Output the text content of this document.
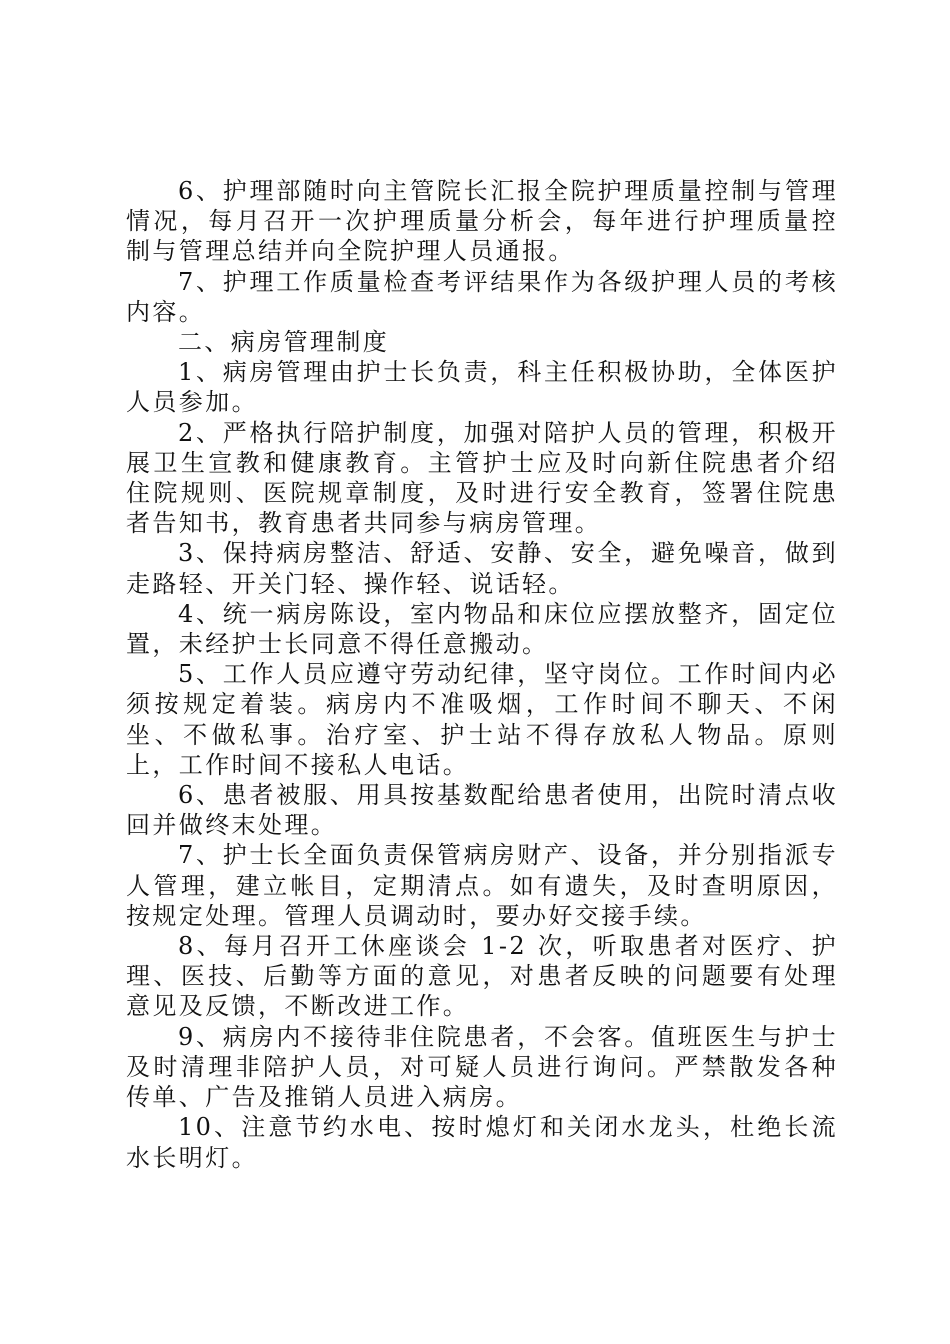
6、护理部随时向主管院长汇报全院护理质量控制与管理情况，每月召开一次护理质量分析会，每年进行护理质量控制与管理总结并向全院护理人员通报。

7、护理工作质量检查考评结果作为各级护理人员的考核内容。

二、病房管理制度

1、病房管理由护士长负责，科主任积极协助，全体医护人员参加。

2、严格执行陪护制度，加强对陪护人员的管理，积极开展卫生宣教和健康教育。主管护士应及时向新住院患者介绍住院规则、医院规章制度，及时进行安全教育，签署住院患者告知书，教育患者共同参与病房管理。

3、保持病房整洁、舒适、安静、安全，避免噪音，做到走路轻、开关门轻、操作轻、说话轻。

4、统一病房陈设，室内物品和床位应摆放整齐，固定位置，未经护士长同意不得任意搬动。

5、工作人员应遵守劳动纪律，坚守岗位。工作时间内必须按规定着装。病房内不准吸烟，工作时间不聊天、不闲坐、不做私事。治疗室、护士站不得存放私人物品。原则上，工作时间不接私人电话。

6、患者被服、用具按基数配给患者使用，出院时清点收回并做终末处理。

7、护士长全面负责保管病房财产、设备，并分别指派专人管理，建立帐目，定期清点。如有遗失，及时查明原因，按规定处理。管理人员调动时，要办好交接手续。

8、每月召开工休座谈会 1-2 次，听取患者对医疗、护理、医技、后勤等方面的意见，对患者反映的问题要有处理意见及反馈，不断改进工作。

9、病房内不接待非住院患者，不会客。值班医生与护士及时清理非陪护人员，对可疑人员进行询问。严禁散发各种传单、广告及推销人员进入病房。

10、注意节约水电、按时熄灯和关闭水龙头，杜绝长流水长明灯。
